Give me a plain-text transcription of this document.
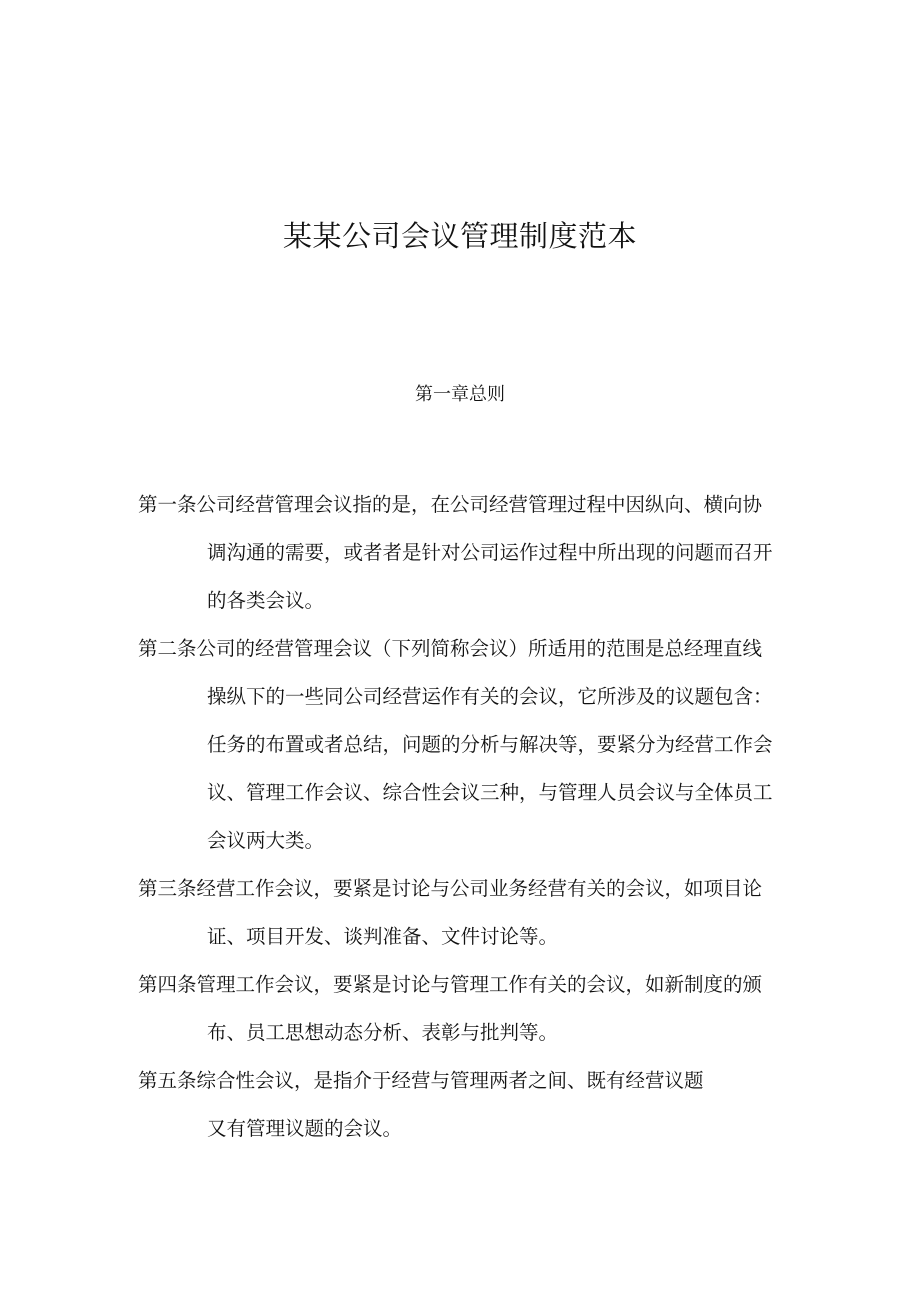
某某公司会议管理制度范本
第一章总则
第一条公司经营管理会议指的是，在公司经营管理过程中因纵向、横向协
调沟通的需要，或者者是针对公司运作过程中所出现的问题而召开
的各类会议。
第二条公司的经营管理会议（下列简称会议）所适用的范围是总经理直线
操纵下的一些同公司经营运作有关的会议，它所涉及的议题包含：
任务的布置或者总结，问题的分析与解决等，要紧分为经营工作会
议、管理工作会议、综合性会议三种，与管理人员会议与全体员工
会议两大类。
第三条经营工作会议，要紧是讨论与公司业务经营有关的会议，如项目论
证、项目开发、谈判准备、文件讨论等。
第四条管理工作会议，要紧是讨论与管理工作有关的会议，如新制度的颁
布、员工思想动态分析、表彰与批判等。
第五条综合性会议，是指介于经营与管理两者之间、既有经营议题
又有管理议题的会议。
